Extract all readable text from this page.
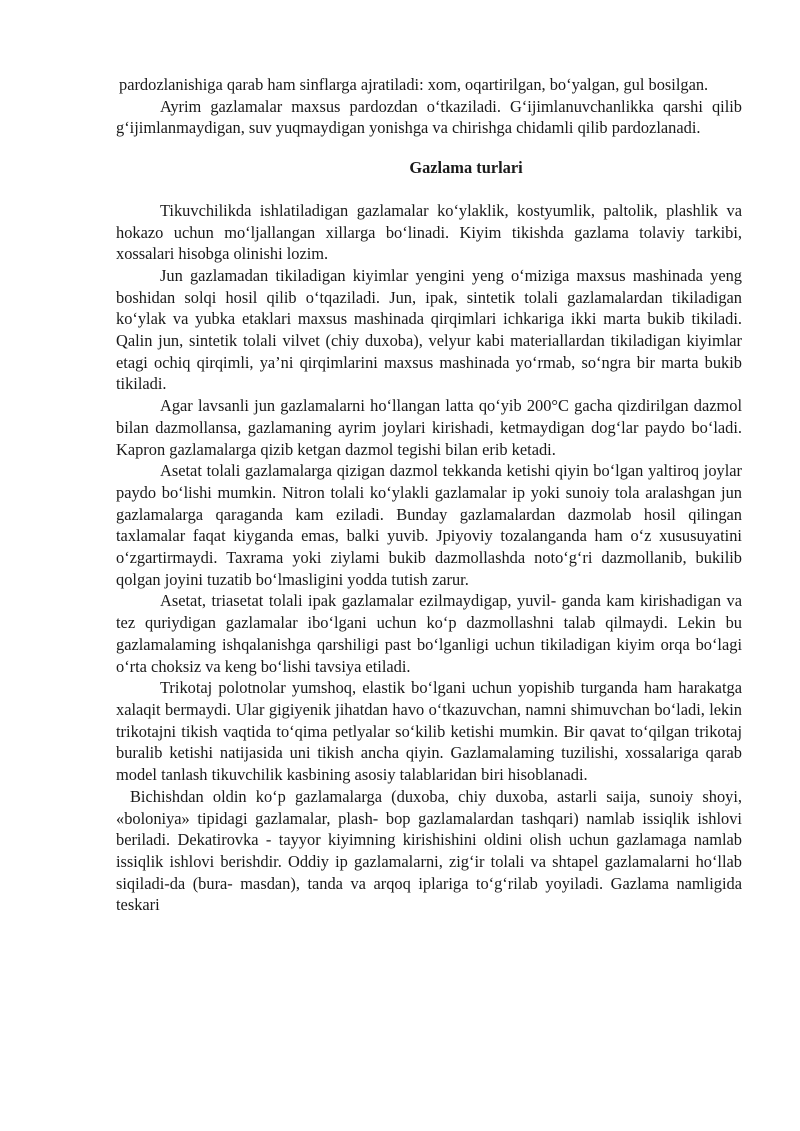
pardozlanishiga qarab ham sinflarga ajratiladi: xom, oqartirilgan, bo‘yalgan, gul bosilgan.

Ayrim gazlamalar maxsus pardozdan o‘tkaziladi. G‘ijimlanuvchanlikka qarshi qilib g‘ijimlanmaydigan, suv yuqmaydigan yonishga va chirishga chidamli qilib pardozlanadi.

Gazlama turlari

Tikuvchilikda ishlatiladigan gazlamalar ko‘ylaklik, kostyumlik, paltolik, plashlik va hokazo uchun mo‘ljallangan xillarga bo‘linadi. Kiyim tikishda gazlama tolaviy tarkibi, xossalari hisobga olinishi lozim.

Jun gazlamadan tikiladigan kiyimlar yengini yeng o‘miziga maxsus mashinada yeng boshidan solqi hosil qilib o‘tqaziladi. Jun, ipak, sintetik tolali gazlamalardan tikiladigan ko‘ylak va yubka etaklari maxsus mashinada qirqimlari ichkariga ikki marta bukib tikiladi. Qalin jun, sintetik tolali vilvet (chiy duxoba), velyur kabi materiallardan tikiladigan kiyimlar etagi ochiq qirqimli, ya’ni qirqimlarini maxsus mashinada yo‘rmab, so‘ngra bir marta bukib tikiladi.

Agar lavsanli jun gazlamalarni ho‘llangan latta qo‘yib 200°C gacha qizdirilgan dazmol bilan dazmollansa, gazlamaning ayrim joylari kirishadi, ketmaydigan dog‘lar paydo bo‘ladi. Kapron gazlamalarga qizib ketgan dazmol tegishi bilan erib ketadi.

Asetat tolali gazlamalarga qizigan dazmol tekkanda ketishi qiyin bo‘lgan yaltiroq joylar paydo bo‘lishi mumkin. Nitron tolali ko‘ylakli gazlamalar ip yoki sunoiy tola aralashgan jun gazlamalarga qaraganda kam eziladi. Bunday gazlamalardan dazmolab hosil qilingan taxlamalar faqat kiyganda emas, balki yuvib. Jpiyoviy tozalanganda ham o‘z xususuyatini o‘zgartirmaydi. Taxrama yoki ziylami bukib dazmollashda noto‘g‘ri dazmollanib, bukilib qolgan joyini tuzatib bo‘lmasligini yodda tutish zarur.

Asetat, triasetat tolali ipak gazlamalar ezilmaydigap, yuvil- ganda kam kirishadigan va tez quriydigan gazlamalar ibo‘lgani uchun ko‘p dazmollashni talab qilmaydi. Lekin bu gazlamalaming ishqalanishga qarshiligi past bo‘lganligi uchun tikiladigan kiyim orqa bo‘lagi o‘rta choksiz va keng bo‘lishi tavsiya etiladi.

Trikotaj polotnolar yumshoq, elastik bo‘lgani uchun yopishib turganda ham harakatga xalaqit bermaydi. Ular gigiyenik jihatdan havo o‘tkazuvchan, namni shimuvchan bo‘ladi, lekin trikotajni tikish vaqtida to‘qima petlyalar so‘kilib ketishi mumkin. Bir qavat to‘qilgan trikotaj buralib ketishi natijasida uni tikish ancha qiyin. Gazlamalaming tuzilishi, xossalariga qarab model tanlash tikuvchilik kasbining asosiy talablaridan biri hisoblanadi.

Bichishdan oldin ko‘p gazlamalarga (duxoba, chiy duxoba, astarli saija, sunoiy shoyi, «boloniya» tipidagi gazlamalar, plash- bop gazlamalardan tashqari) namlab issiqlik ishlovi beriladi. Dekatirovka - tayyor kiyimning kirishishini oldini olish uchun gazlamaga namlab issiqlik ishlovi berishdir. Oddiy ip gazlamalarni, zig‘ir tolali va shtapel gazlamalarni ho‘llab siqiladi-da (bura- masdan), tanda va arqoq iplariga to‘g‘rilab yoyiladi. Gazlama namligida teskari
